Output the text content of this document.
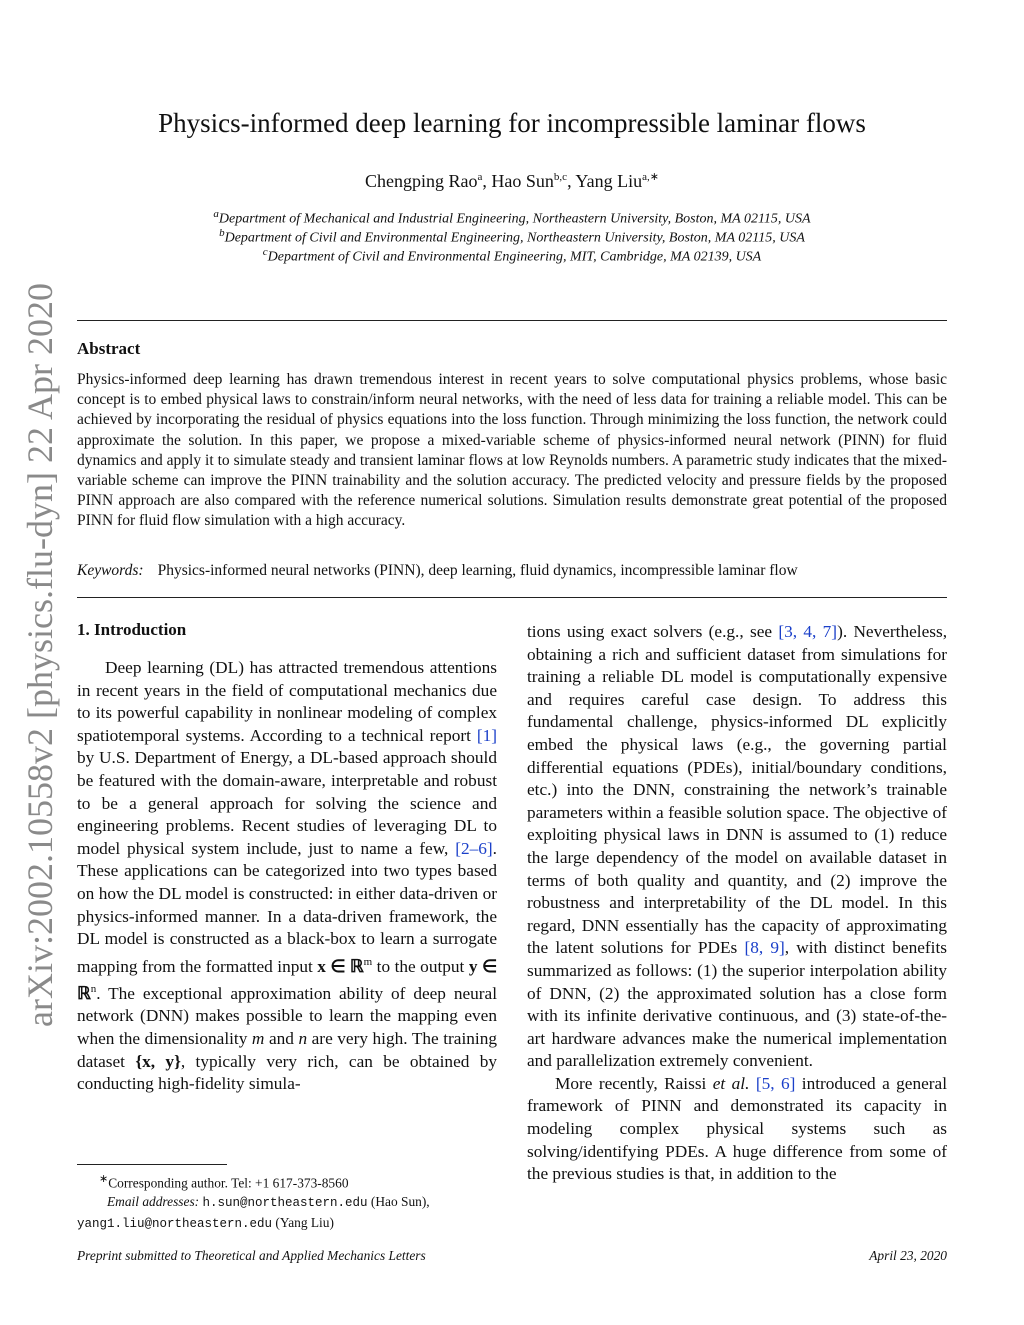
arXiv:2002.10558v2 [physics.flu-dyn] 22 Apr 2020
Physics-informed deep learning for incompressible laminar flows
Chengping Rao$^a$, Hao Sun$^{b,c}$, Yang Liu$^{a,∗}$
$^a$Department of Mechanical and Industrial Engineering, Northeastern University, Boston, MA 02115, USA
$^b$Department of Civil and Environmental Engineering, Northeastern University, Boston, MA 02115, USA
$^c$Department of Civil and Environmental Engineering, MIT, Cambridge, MA 02139, USA
Abstract
Physics-informed deep learning has drawn tremendous interest in recent years to solve computational physics problems, whose basic concept is to embed physical laws to constrain/inform neural networks, with the need of less data for training a reliable model. This can be achieved by incorporating the residual of physics equations into the loss function. Through minimizing the loss function, the network could approximate the solution. In this paper, we propose a mixed-variable scheme of physics-informed neural network (PINN) for fluid dynamics and apply it to simulate steady and transient laminar flows at low Reynolds numbers. A parametric study indicates that the mixed-variable scheme can improve the PINN trainability and the solution accuracy. The predicted velocity and pressure fields by the proposed PINN approach are also compared with the reference numerical solutions. Simulation results demonstrate great potential of the proposed PINN for fluid flow simulation with a high accuracy.
Keywords: Physics-informed neural networks (PINN), deep learning, fluid dynamics, incompressible laminar flow
1. Introduction
Deep learning (DL) has attracted tremendous attentions in recent years in the field of computational mechanics due to its powerful capability in nonlinear modeling of complex spatiotemporal systems. According to a technical report [1] by U.S. Department of Energy, a DL-based approach should be featured with the domain-aware, interpretable and robust to be a general approach for solving the science and engineering problems. Recent studies of leveraging DL to model physical system include, just to name a few, [2–6]. These applications can be categorized into two types based on how the DL model is constructed: in either data-driven or physics-informed manner. In a data-driven framework, the DL model is constructed as a black-box to learn a surrogate mapping from the formatted input x ∈ ℝ$^m$ to the output y ∈ ℝ$^n$. The exceptional approximation ability of deep neural network (DNN) makes possible to learn the mapping even when the dimensionality m and n are very high. The training dataset {x, y}, typically very rich, can be obtained by conducting high-fidelity simula-
tions using exact solvers (e.g., see [3, 4, 7]). Nevertheless, obtaining a rich and sufficient dataset from simulations for training a reliable DL model is computationally expensive and requires careful case design. To address this fundamental challenge, physics-informed DL explicitly embed the physical laws (e.g., the governing partial differential equations (PDEs), initial/boundary conditions, etc.) into the DNN, constraining the network’s trainable parameters within a feasible solution space. The objective of exploiting physical laws in DNN is assumed to (1) reduce the large dependency of the model on available dataset in terms of both quality and quantity, and (2) improve the robustness and interpretability of the DL model. In this regard, DNN essentially has the capacity of approximating the latent solutions for PDEs [8, 9], with distinct benefits summarized as follows: (1) the superior interpolation ability of DNN, (2) the approximated solution has a close form with its infinite derivative continuous, and (3) state-of-the-art hardware advances make the numerical implementation and parallelization extremely convenient.
More recently, Raissi et al. [5, 6] introduced a general framework of PINN and demonstrated its capacity in modeling complex physical systems such as solving/identifying PDEs. A huge difference from some of the previous studies is that, in addition to the
∗Corresponding author. Tel: +1 617-373-8560
Email addresses: h.sun@northeastern.edu (Hao Sun),
yang1.liu@northeastern.edu (Yang Liu)
Preprint submitted to Theoretical and Applied Mechanics Letters	April 23, 2020
